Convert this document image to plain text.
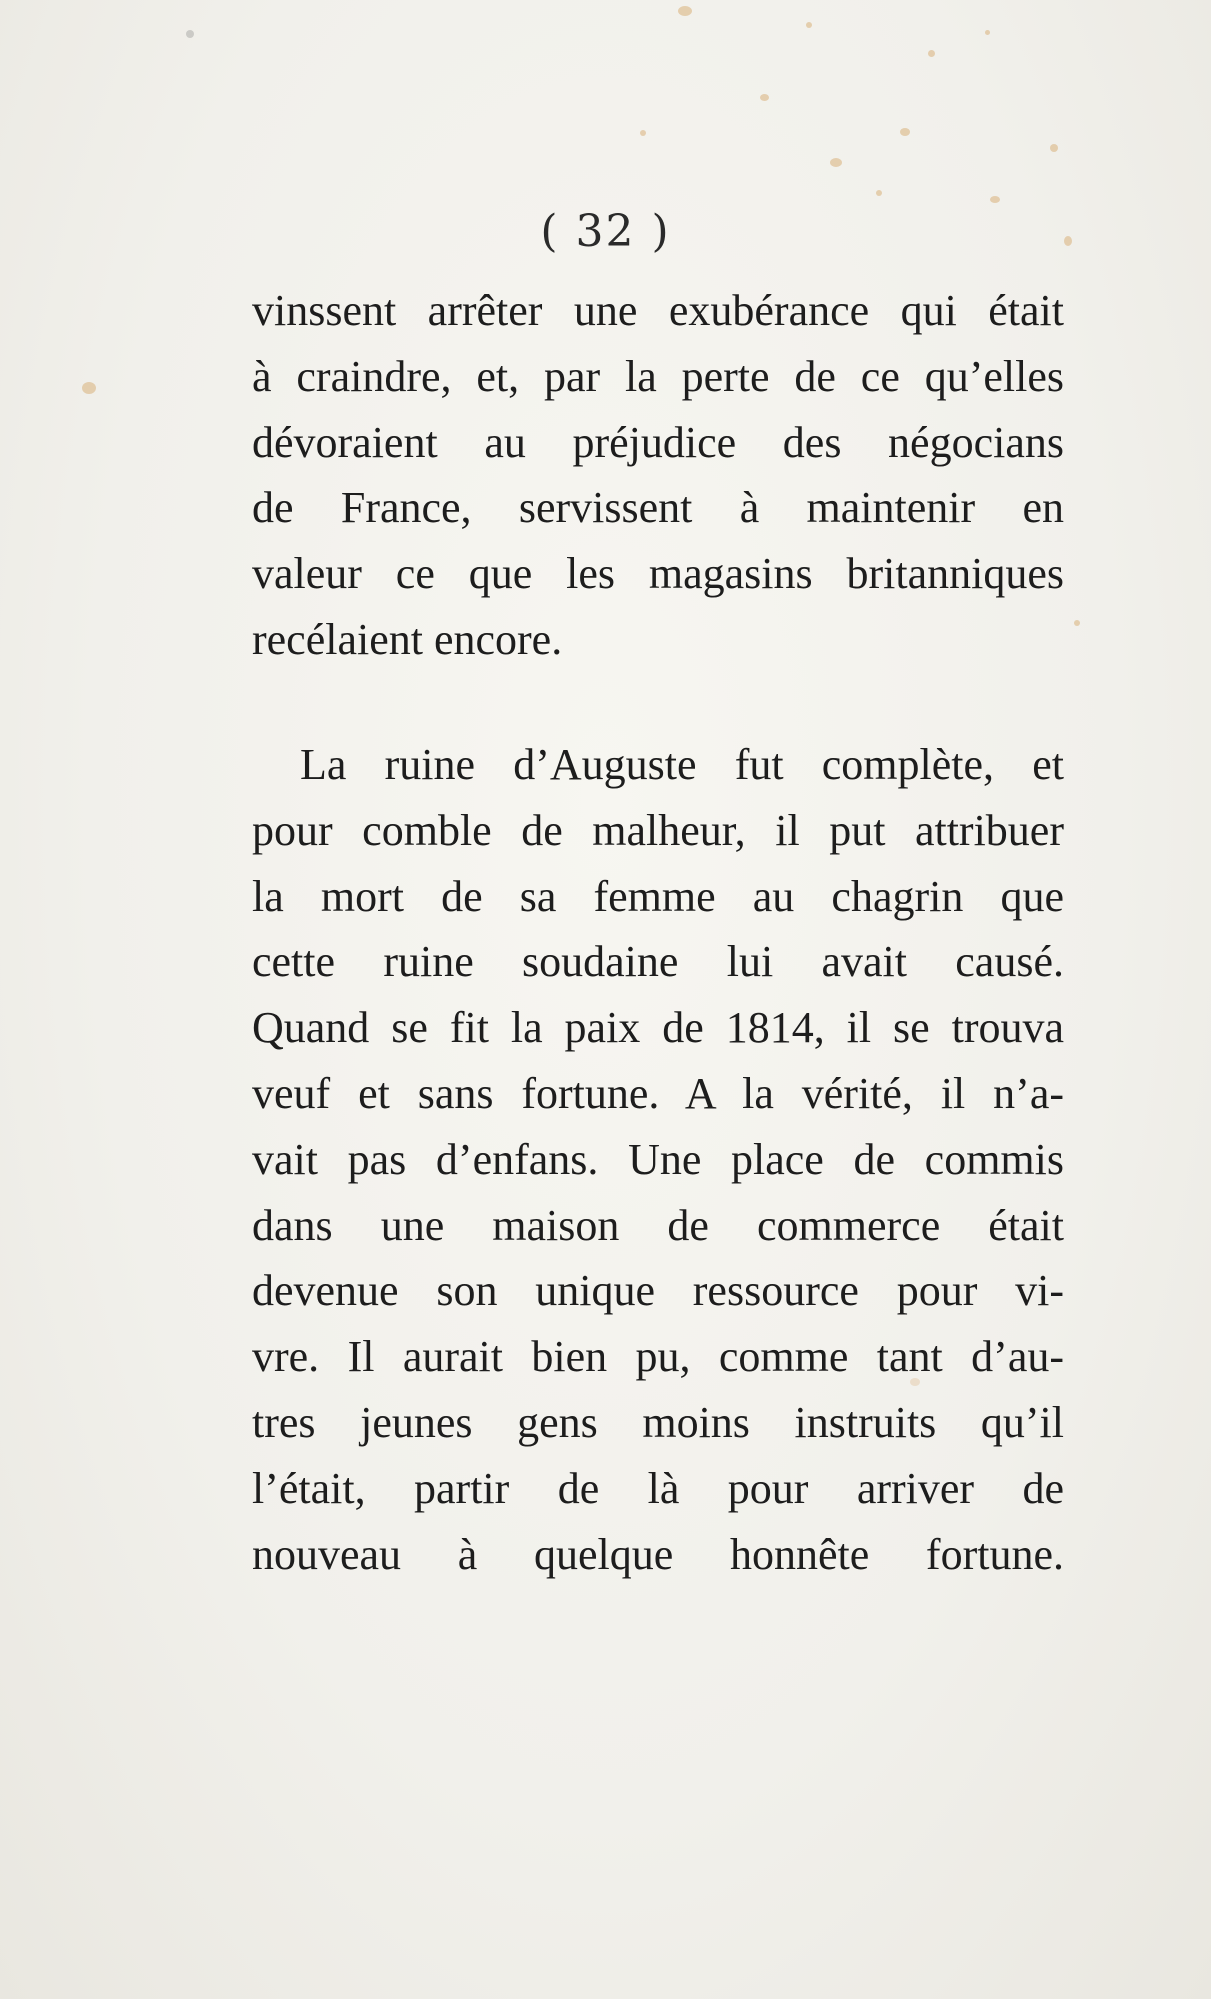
( 32 )
vinssent arrêter une exubérance qui était
à craindre, et, par la perte de ce qu’elles
dévoraient au préjudice des négocians
de France, servissent à maintenir en
valeur ce que les magasins britanniques
recélaient encore.
La ruine d’Auguste fut complète, et
pour comble de malheur, il put attribuer
la mort de sa femme au chagrin que
cette ruine soudaine lui avait causé.
Quand se fit la paix de 1814, il se trouva
veuf et sans fortune. A la vérité, il n’a-
vait pas d’enfans. Une place de commis
dans une maison de commerce était
devenue son unique ressource pour vi-
vre. Il aurait bien pu, comme tant d’au-
tres jeunes gens moins instruits qu’il
l’était, partir de là pour arriver de
nouveau à quelque honnête fortune.
